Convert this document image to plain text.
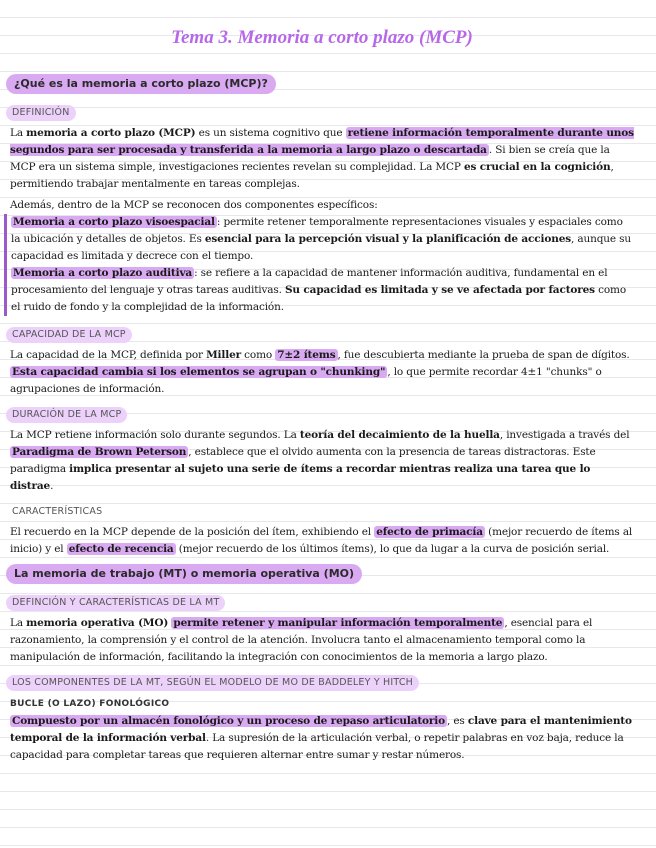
Tema 3. Memoria a corto plazo (MCP)
¿Qué es la memoria a corto plazo (MCP)?
DEFINICIÓN

La memoria a corto plazo (MCP) es un sistema cognitivo que retiene información temporalmente durante unos segundos para ser procesada y transferida a la memoria a largo plazo o descartada . Si bien se creía que la MCP era un sistema simple, investigaciones recientes revelan su complejidad. La MCP es crucial en la cognición, permitiendo trabajar mentalmente en tareas complejas.

Además, dentro de la MCP se reconocen dos componentes específicos:

Memoria a corto plazo visoespacial : permite retener temporalmente representaciones visuales y espaciales como la ubicación y detalles de objetos. Es esencial para la percepción visual y la planificación de acciones, aunque su capacidad es limitada y decrece con el tiempo.

Memoria a corto plazo auditiva : se refiere a la capacidad de mantener información auditiva, fundamental en el procesamiento del lenguaje y otras tareas auditivas. Su capacidad es limitada y se ve afectada por factores como el ruido de fondo y la complejidad de la información.

CAPACIDAD DE LA MCP

La capacidad de la MCP, definida por Miller como 7±2 ítems , fue descubierta mediante la prueba de span de dígitos. Esta capacidad cambia si los elementos se agrupan o "chunking" , lo que permite recordar 4±1 "chunks" o agrupaciones de información.

DURACIÓN DE LA MCP

La MCP retiene información solo durante segundos. La teoría del decaimiento de la huella, investigada a través del Paradigma de Brown Peterson , establece que el olvido aumenta con la presencia de tareas distractoras. Este paradigma implica presentar al sujeto una serie de ítems a recordar mientras realiza una tarea que lo distrae.

CARACTERÍSTICAS

El recuerdo en la MCP depende de la posición del ítem, exhibiendo el efecto de primacía (mejor recuerdo de ítems al inicio) y el efecto de recencia (mejor recuerdo de los últimos ítems), lo que da lugar a la curva de posición serial.

La memoria de trabajo (MT) o memoria operativa (MO)
DEFINCIÓN Y CARACTERÍSTICAS DE LA MT

La memoria operativa (MO) permite retener y manipular información temporalmente , esencial para el razonamiento, la comprensión y el control de la atención. Involucra tanto el almacenamiento temporal como la manipulación de información, facilitando la integración con conocimientos de la memoria a largo plazo.

LOS COMPONENTES DE LA MT, SEGÚN EL MODELO DE MO DE BADDELEY Y HITCH
BUCLE (O LAZO) FONOLÓGICO

Compuesto por un almacén fonológico y un proceso de repaso articulatorio , es clave para el mantenimiento temporal de la información verbal. La supresión de la articulación verbal, o repetir palabras en voz baja, reduce la capacidad para completar tareas que requieren alternar entre sumar y restar números.
